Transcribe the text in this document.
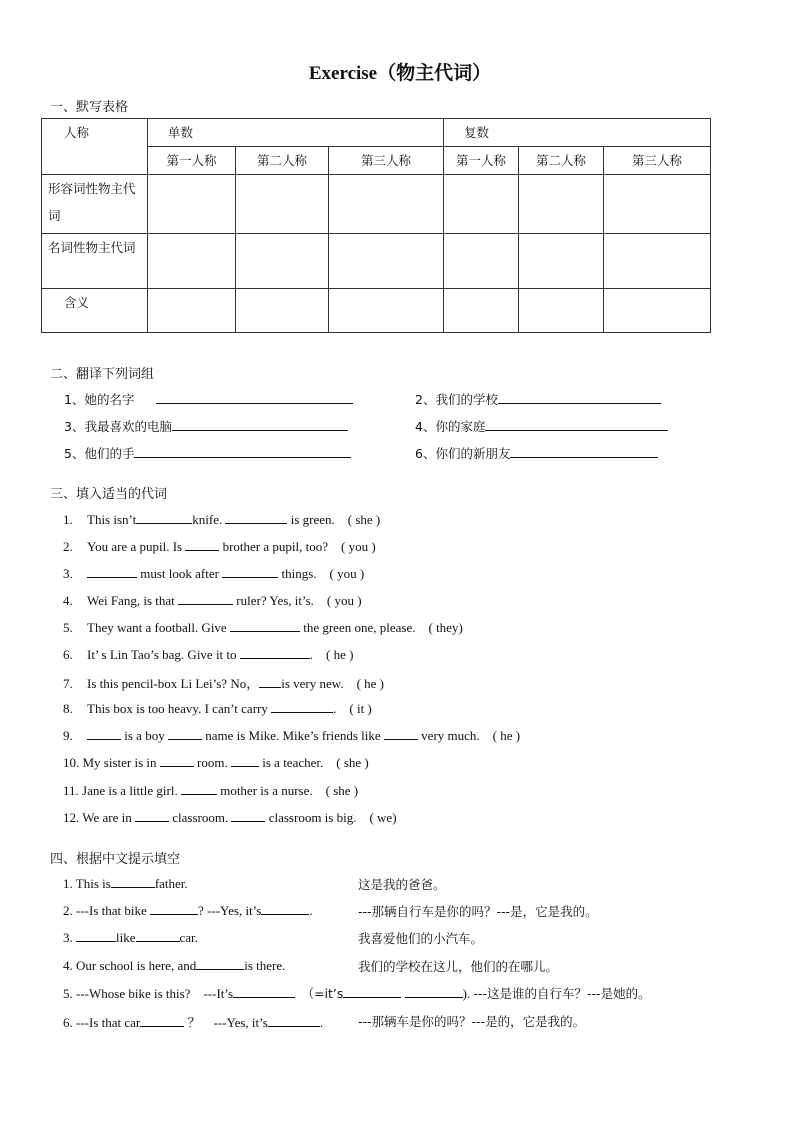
Exercise（物主代词）
一、默写表格
人称	单数			复数		
	第一人称	第二人称	第三人称	第一人称	第二人称	第三人称
形容词性物主代词						
名词性物主代词						
含义						
二、翻译下列词组
1、她的名字	2、我们的学校
3、我最喜欢的电脑	4、你的家庭
5、他们的手	6、你们的新朋友
三、填入适当的代词
1. This isn’t	knife.	is green. ( she )
2. You are a pupil. Is	brother a pupil, too? ( you )
3.	must look after	things. ( you )
4. Wei Fang, is that	ruler? Yes, it’s. ( you )
5. They want a football. Give	the green one, please. ( they)
6. It’ s Lin Tao’s bag. Give it to	. ( he )
7. Is this pencil-box Li Lei’s? No， is very new. ( he )
8. This box is too heavy. I can’t carry	. ( it )
9.	is a boy	name is Mike. Mike’s friends like	very much. ( he )
10. My sister is in	room.	is a teacher. ( she )
11. Jane is a little girl.	mother is a nurse. ( she )
12. We are in	classroom.	classroom is big. ( we)
四、根据中文提示填空
1. This is	father.	这是我的爸爸。
2. ---Is that bike	? ---Yes, it’s	.	---那辆自行车是你的吗？---是，它是我的。
3.	like	car.	我喜爱他们的小汽车。
4. Our school is here, and	is there.	我们的学校在这儿，他们的在哪儿。
5. ---Whose bike is this? ---It’s	（=it’s	). ---这是谁的自行车？---是她的。
6. ---Is that car	？ ---Yes, it’s	.	---那辆车是你的吗？---是的，它是我的。
